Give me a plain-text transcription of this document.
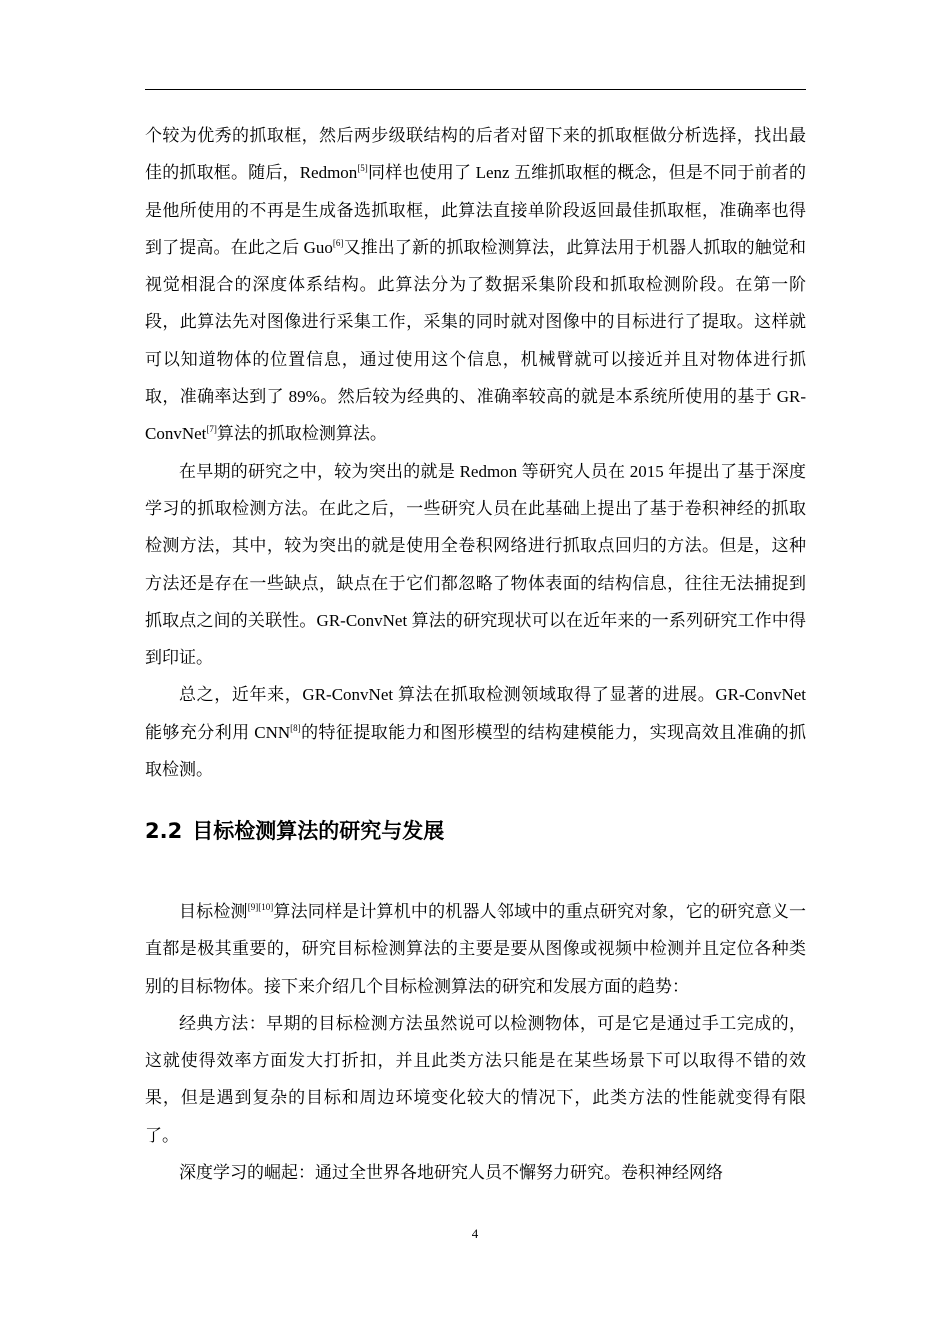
个较为优秀的抓取框，然后两步级联结构的后者对留下来的抓取框做分析选择，找出最佳的抓取框。随后，Redmon[5]同样也使用了 Lenz 五维抓取框的概念，但是不同于前者的是他所使用的不再是生成备选抓取框，此算法直接单阶段返回最佳抓取框，准确率也得到了提高。在此之后 Guo[6]又推出了新的抓取检测算法，此算法用于机器人抓取的触觉和视觉相混合的深度体系结构。此算法分为了数据采集阶段和抓取检测阶段。在第一阶段，此算法先对图像进行采集工作，采集的同时就对图像中的目标进行了提取。这样就可以知道物体的位置信息，通过使用这个信息，机械臂就可以接近并且对物体进行抓取，准确率达到了 89%。然后较为经典的、准确率较高的就是本系统所使用的基于 GR-ConvNet[7]算法的抓取检测算法。

在早期的研究之中，较为突出的就是 Redmon 等研究人员在 2015 年提出了基于深度学习的抓取检测方法。在此之后，一些研究人员在此基础上提出了基于卷积神经的抓取检测方法，其中，较为突出的就是使用全卷积网络进行抓取点回归的方法。但是，这种方法还是存在一些缺点，缺点在于它们都忽略了物体表面的结构信息，往往无法捕捉到抓取点之间的关联性。GR-ConvNet 算法的研究现状可以在近年来的一系列研究工作中得到印证。

总之，近年来，GR-ConvNet 算法在抓取检测领域取得了显著的进展。GR-ConvNet 能够充分利用 CNN[8]的特征提取能力和图形模型的结构建模能力，实现高效且准确的抓取检测。

2.2 目标检测算法的研究与发展

目标检测[9][10]算法同样是计算机中的机器人邻域中的重点研究对象，它的研究意义一直都是极其重要的，研究目标检测算法的主要是要从图像或视频中检测并且定位各种类别的目标物体。接下来介绍几个目标检测算法的研究和发展方面的趋势：

经典方法：早期的目标检测方法虽然说可以检测物体，可是它是通过手工完成的，这就使得效率方面发大打折扣，并且此类方法只能是在某些场景下可以取得不错的效果，但是遇到复杂的目标和周边环境变化较大的情况下，此类方法的性能就变得有限了。

深度学习的崛起：通过全世界各地研究人员不懈努力研究。卷积神经网络

4
